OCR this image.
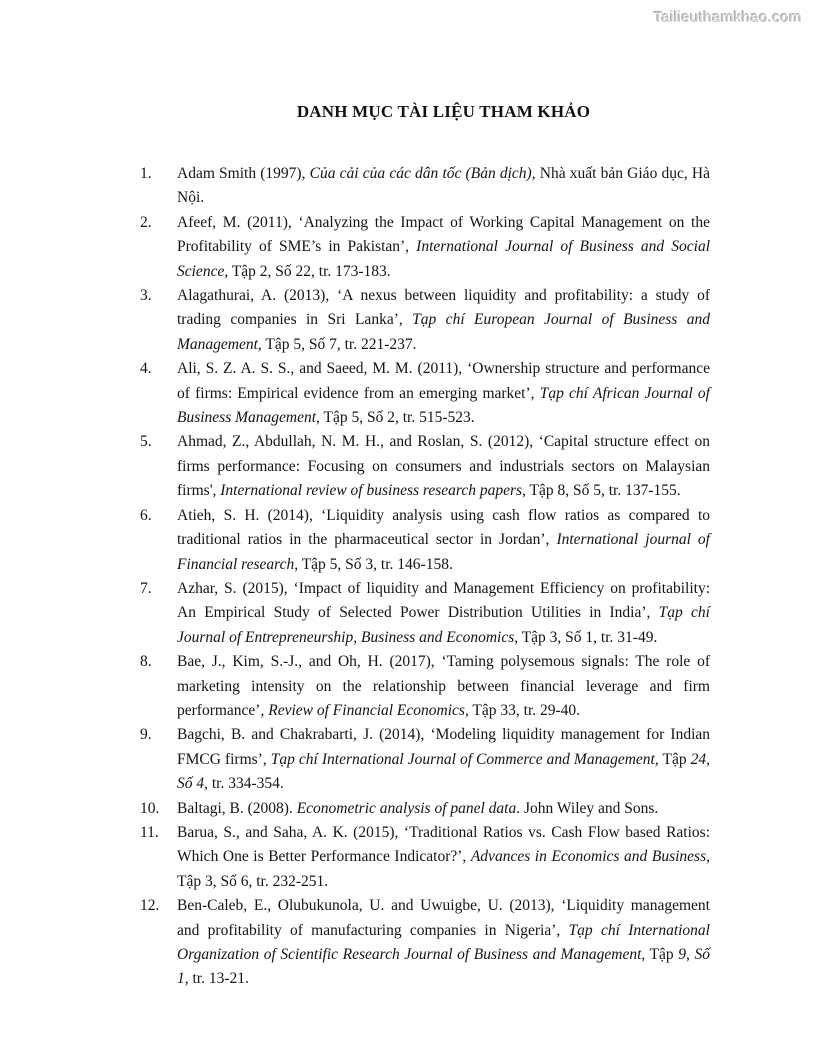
Tailieuthamkhao.com
DANH MỤC TÀI LIỆU THAM KHẢO
1.	Adam Smith (1997), Của cải của các dân tốc (Bản dịch), Nhà xuất bản Giáo dục, Hà Nội.
2.	Afeef, M. (2011), ‘Analyzing the Impact of Working Capital Management on the Profitability of SME’s in Pakistan’, International Journal of Business and Social Science, Tập 2, Số 22, tr. 173-183.
3.	Alagathurai, A. (2013), ‘A nexus between liquidity and profitability: a study of trading companies in Sri Lanka’, Tạp chí European Journal of Business and Management, Tập 5, Số 7, tr. 221-237.
4.	Ali, S. Z. A. S. S., and Saeed, M. M. (2011), ‘Ownership structure and performance of firms: Empirical evidence from an emerging market’, Tạp chí African Journal of Business Management, Tập 5, Số 2, tr. 515-523.
5.	Ahmad, Z., Abdullah, N. M. H., and Roslan, S. (2012), ‘Capital structure effect on firms performance: Focusing on consumers and industrials sectors on Malaysian firms', International review of business research papers, Tập 8, Số 5, tr. 137-155.
6.	Atieh, S. H. (2014), ‘Liquidity analysis using cash flow ratios as compared to traditional ratios in the pharmaceutical sector in Jordan’, International journal of Financial research, Tập 5, Số 3, tr. 146-158.
7.	Azhar, S. (2015), ‘Impact of liquidity and Management Efficiency on profitability: An Empirical Study of Selected Power Distribution Utilities in India’, Tạp chí Journal of Entrepreneurship, Business and Economics, Tập 3, Số 1, tr. 31-49.
8.	Bae, J., Kim, S.-J., and Oh, H. (2017), ‘Taming polysemous signals: The role of marketing intensity on the relationship between financial leverage and firm performance’, Review of Financial Economics, Tập 33, tr. 29-40.
9.	Bagchi, B. and Chakrabarti, J. (2014), ‘Modeling liquidity management for Indian FMCG firms’, Tạp chí International Journal of Commerce and Management, Tập 24, Số 4, tr. 334-354.
10.	Baltagi, B. (2008). Econometric analysis of panel data. John Wiley and Sons.
11.	Barua, S., and Saha, A. K. (2015), ‘Traditional Ratios vs. Cash Flow based Ratios: Which One is Better Performance Indicator?’, Advances in Economics and Business, Tập 3, Số 6, tr. 232-251.
12.	Ben-Caleb, E., Olubukunola, U. and Uwuigbe, U. (2013), ‘Liquidity management and profitability of manufacturing companies in Nigeria’, Tạp chí International Organization of Scientific Research Journal of Business and Management, Tập 9, Số 1, tr. 13-21.
